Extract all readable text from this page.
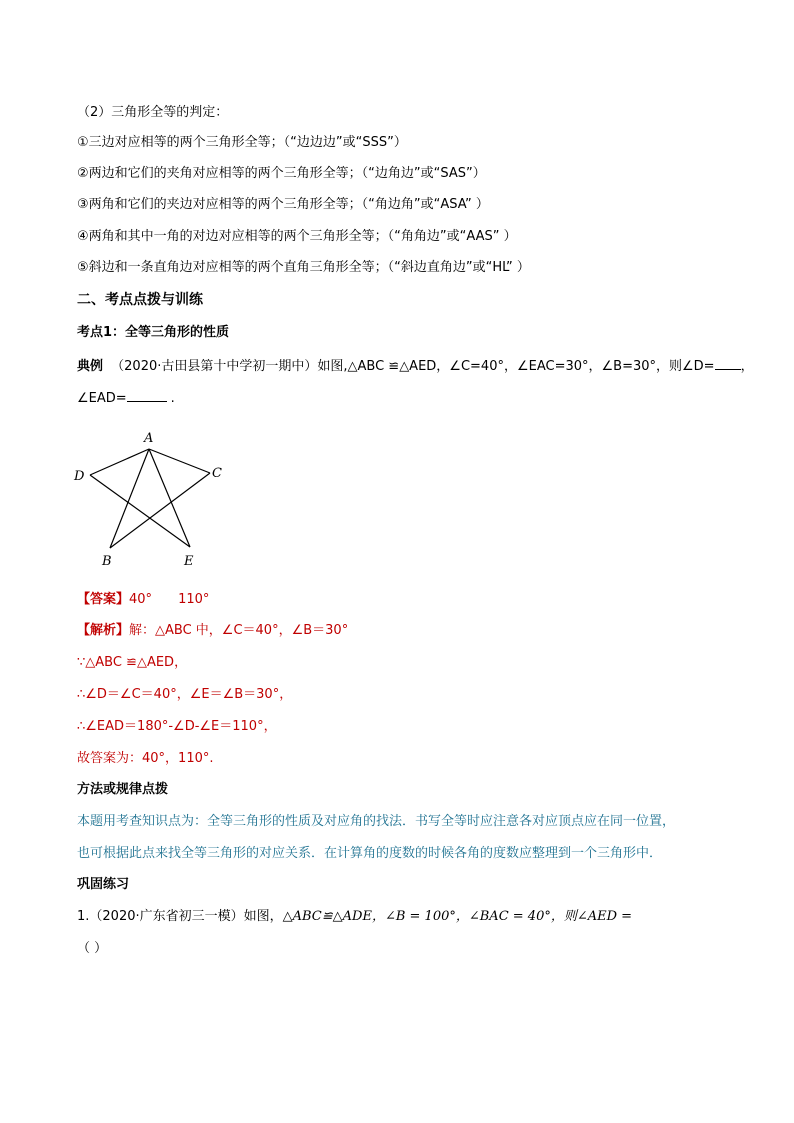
（2）三角形全等的判定：
①三边对应相等的两个三角形全等；（“边边边”或“SSS”）
②两边和它们的夹角对应相等的两个三角形全等；（“边角边”或“SAS”）
③两角和它们的夹边对应相等的两个三角形全等；（“角边角”或“ASA” ）
④两角和其中一角的对边对应相等的两个三角形全等；（“角角边”或“AAS” ）
⑤斜边和一条直角边对应相等的两个直角三角形全等；（“斜边直角边”或“HL” ）
二、考点点拨与训练
考点1：全等三角形的性质
典例 （2020·古田县第十中学初一期中）如图,△ABC ≌△AED，∠C=40°，∠EAC=30°，∠B=30°，则∠D= ，
∠EAD=	.
A
C
D
B	E
【答案】40° 110°
【解析】解：△ABC 中，∠C＝40°，∠B＝30°
∵△ABC ≌△AED，
∴∠D＝∠C＝40°，∠E＝∠B＝30°，
∴∠EAD＝180°-∠D-∠E＝110°，
故答案为：40°，110°.
方法或规律点拨
本题用考查知识点为：全等三角形的性质及对应角的找法．书写全等时应注意各对应顶点应在同一位置，
也可根据此点来找全等三角形的对应关系．在计算角的度数的时候各角的度数应整理到一个三角形中．
巩固练习
1.（2020·广东省初三一模）如图，△ABC≌△ADE，∠B = 100°，∠BAC = 40°，则∠AED =
（ ）
